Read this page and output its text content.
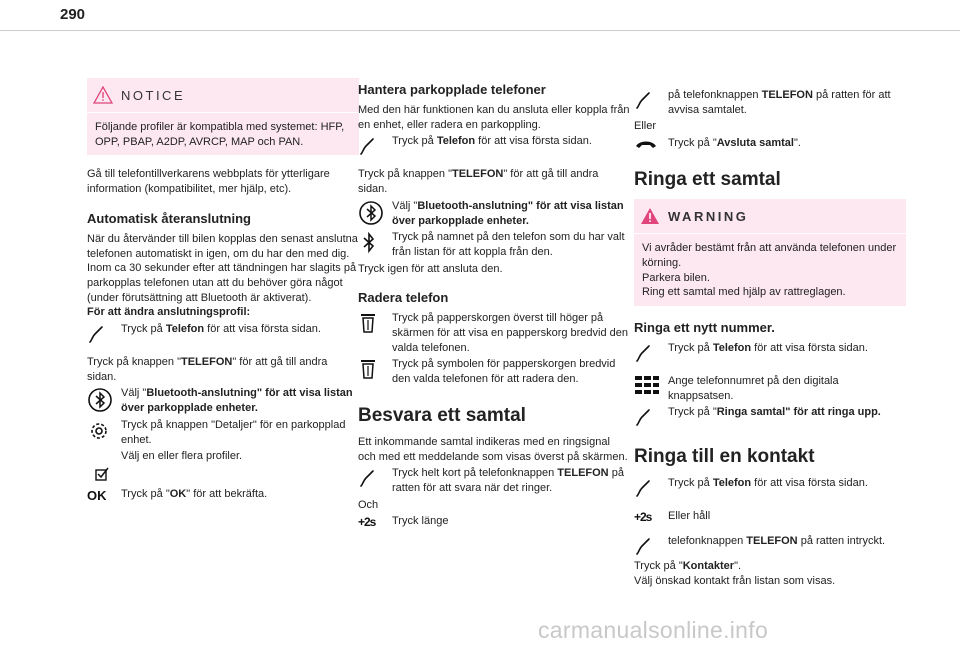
290
NOTICE
Följande profiler är kompatibla med systemet: HFP, OPP, PBAP, A2DP, AVRCP, MAP och PAN.

Gå till telefontillverkarens webbplats för ytterligare information (kompatibilitet, mer hjälp, etc).

Automatisk återanslutning

När du återvänder till bilen kopplas den senast anslutna telefonen automatiskt in igen, om du har den med dig. Inom ca 30 sekunder efter att tändningen har slagits på parkopplas telefonen utan att du behöver göra något (under förutsättning att Bluetooth är aktiverat).

För att ändra anslutningsprofil:

Tryck på Telefon för att visa första sidan.

Tryck på knappen "TELEFON" för att gå till andra sidan.

Välj "Bluetooth-anslutning" för att visa listan över parkopplade enheter.
Tryck på knappen "Detaljer" för en parkopplad enhet.
Välj en eller flera profiler.
OK Tryck på "OK" för att bekräfta.
Hantera parkopplade telefoner

Med den här funktionen kan du ansluta eller koppla från en enhet, eller radera en parkoppling.

Tryck på Telefon för att visa första sidan.

Tryck på knappen "TELEFON" för att gå till andra sidan.

Välj "Bluetooth-anslutning" för att visa listan över parkopplade enheter.
Tryck på namnet på den telefon som du har valt från listan för att koppla från den.

Tryck igen för att ansluta den.

Radera telefon
Tryck på papperskorgen överst till höger på skärmen för att visa en papperskorg bredvid den valda telefonen.
Tryck på symbolen för papperskorgen bredvid den valda telefonen för att radera den.
Besvara ett samtal

Ett inkommande samtal indikeras med en ringsignal och med ett meddelande som visas överst på skärmen.

Tryck helt kort på telefonknappen TELEFON på ratten för att svara när det ringer.

Och

+2s Tryck länge
på telefonknappen TELEFON på ratten för att avvisa samtalet.

Eller

Tryck på "Avsluta samtal".
Ringa ett samtal
WARNING
Vi avråder bestämt från att använda telefonen under körning.
Parkera bilen.
Ring ett samtal med hjälp av rattreglagen.
Ringa ett nytt nummer.
Tryck på Telefon för att visa första sidan.
Ange telefonnumret på den digitala knappsatsen.
Tryck på "Ringa samtal" för att ringa upp.
Ringa till en kontakt
Tryck på Telefon för att visa första sidan.
+2s Eller håll
telefonknappen TELEFON på ratten intryckt.

Tryck på "Kontakter".

Välj önskad kontakt från listan som visas.

carmanualsonline.info
